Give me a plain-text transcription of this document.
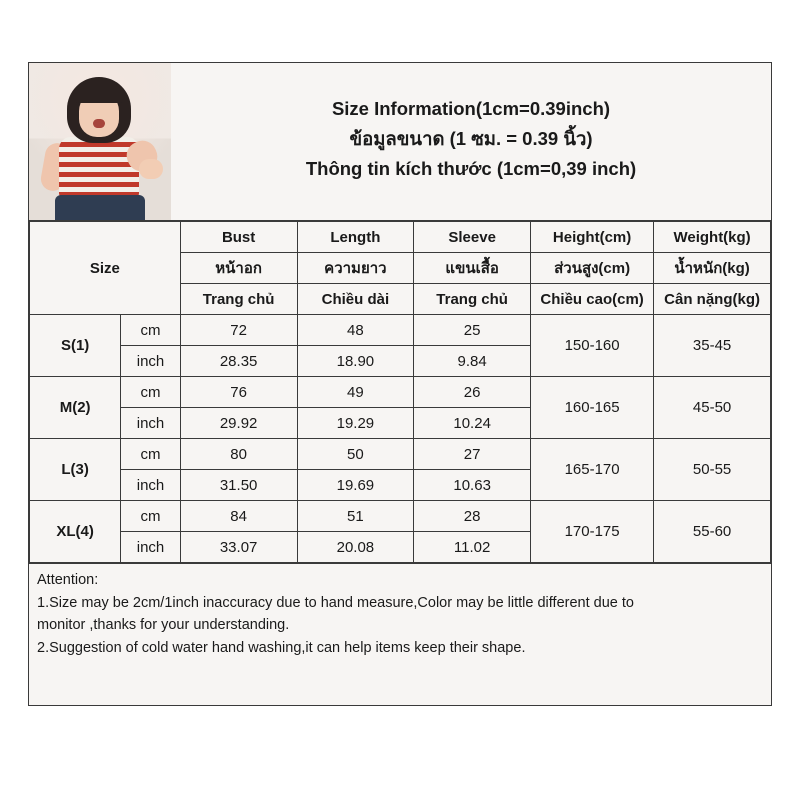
Size Information(1cm=0.39inch)
ข้อมูลขนาด (1 ซม. = 0.39 นิ้ว)
Thông tin kích thước (1cm=0,39 inch)
Size		Bust	Length	Sleeve	Height(cm)	Weight(kg)
		หน้าอก	ความยาว	แขนเสื้อ	ส่วนสูง(cm)	น้ำหนัก(kg)
		Trang chủ	Chiều dài	Trang chủ	Chiều cao(cm)	Cân nặng(kg)
S(1)	cm	72	48	25	150-160	35-45
	inch	28.35	18.90	9.84		
M(2)	cm	76	49	26	160-165	45-50
	inch	29.92	19.29	10.24		
L(3)	cm	80	50	27	165-170	50-55
	inch	31.50	19.69	10.63		
XL(4)	cm	84	51	28	170-175	55-60
	inch	33.07	20.08	11.02		

Attention:

1.Size may be 2cm/1inch inaccuracy due to hand measure,Color may be little different due to

monitor ,thanks for your understanding.

2.Suggestion of cold water hand washing,it can help items keep their shape.
